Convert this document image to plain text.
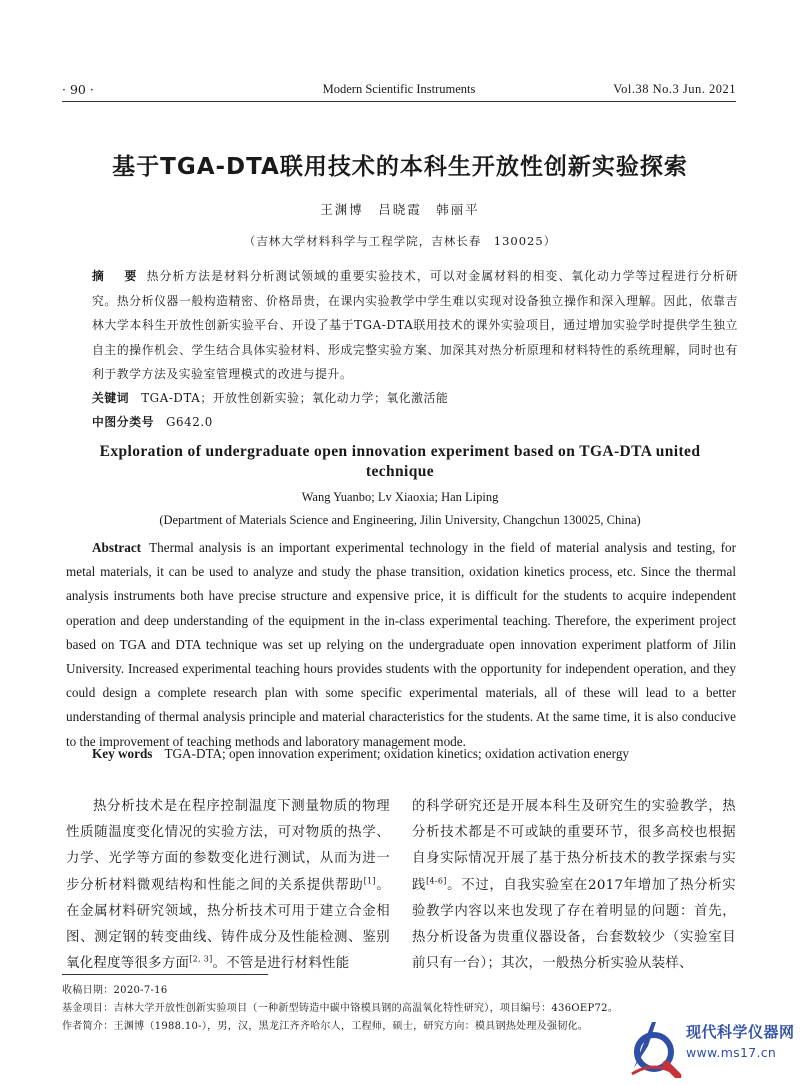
· 90 ·	Modern Scientific Instruments	Vol.38 No.3 Jun. 2021
基于TGA-DTA联用技术的本科生开放性创新实验探索
王渊博　吕晓霞　韩丽平
（吉林大学材料科学与工程学院，吉林长春　130025）
摘　要 热分析方法是材料分析测试领域的重要实验技术，可以对金属材料的相变、氧化动力学等过程进行分析研究。热分析仪器一般构造精密、价格昂贵，在课内实验教学中学生难以实现对设备独立操作和深入理解。因此，依靠吉林大学本科生开放性创新实验平台、开设了基于TGA-DTA联用技术的课外实验项目，通过增加实验学时提供学生独立自主的操作机会、学生结合具体实验材料、形成完整实验方案、加深其对热分析原理和材料特性的系统理解，同时也有利于教学方法及实验室管理模式的改进与提升。
关键词 TGA-DTA；开放性创新实验；氧化动力学；氧化激活能
中图分类号 G642.0
Exploration of undergraduate open innovation experiment based on TGA-DTA united technique
Wang Yuanbo; Lv Xiaoxia; Han Liping
(Department of Materials Science and Engineering, Jilin University, Changchun 130025, China)
Abstract Thermal analysis is an important experimental technology in the field of material analysis and testing, for metal materials, it can be used to analyze and study the phase transition, oxidation kinetics process, etc. Since the thermal analysis instruments both have precise structure and expensive price, it is difficult for the students to acquire independent operation and deep understanding of the equipment in the in-class experimental teaching. Therefore, the experiment project based on TGA and DTA technique was set up relying on the undergraduate open innovation experiment platform of Jilin University. Increased experimental teaching hours provides students with the opportunity for independent operation, and they could design a complete research plan with some specific experimental materials, all of these will lead to a better understanding of thermal analysis principle and material characteristics for the students. At the same time, it is also conducive to the improvement of teaching methods and laboratory management mode.
Key words TGA-DTA; open innovation experiment; oxidation kinetics; oxidation activation energy
热分析技术是在程序控制温度下测量物质的物理性质随温度变化情况的实验方法，可对物质的热学、力学、光学等方面的参数变化进行测试，从而为进一步分析材料微观结构和性能之间的关系提供帮助[1]。在金属材料研究领域，热分析技术可用于建立合金相图、测定钢的转变曲线、铸件成分及性能检测、鉴别氧化程度等很多方面[2, 3]。不管是进行材料性能
的科学研究还是开展本科生及研究生的实验教学，热分析技术都是不可或缺的重要环节，很多高校也根据自身实际情况开展了基于热分析技术的教学探索与实践[4-6]。不过，自我实验室在2017年增加了热分析实验教学内容以来也发现了存在着明显的问题：首先，热分析设备为贵重仪器设备，台套数较少（实验室目前只有一台）；其次，一般热分析实验从装样、
收稿日期：2020-7-16
基金项目：吉林大学开放性创新实验项目（一种新型铸造中碳中铬模具钢的高温氧化特性研究），项目编号：436OEP72。
作者简介：王渊博（1988.10-），男，汉，黑龙江齐齐哈尔人，工程师，硕士，研究方向：模具钢热处理及强韧化。	现代科学仪器网
www.ms17.cn
